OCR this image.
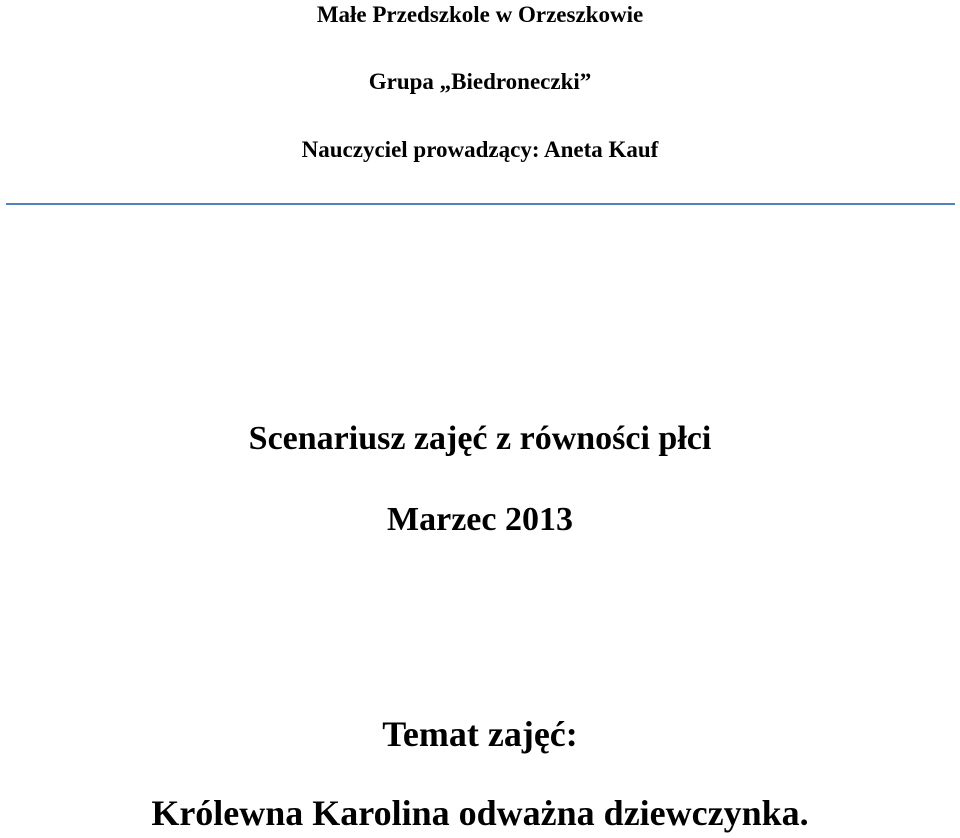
Małe Przedszkole w Orzeszkowie
Grupa „Biedroneczki”
Nauczyciel prowadzący: Aneta Kauf
Scenariusz zajęć z równości płci
Marzec 2013
Temat zajęć:
Królewna Karolina odważna dziewczynka.
